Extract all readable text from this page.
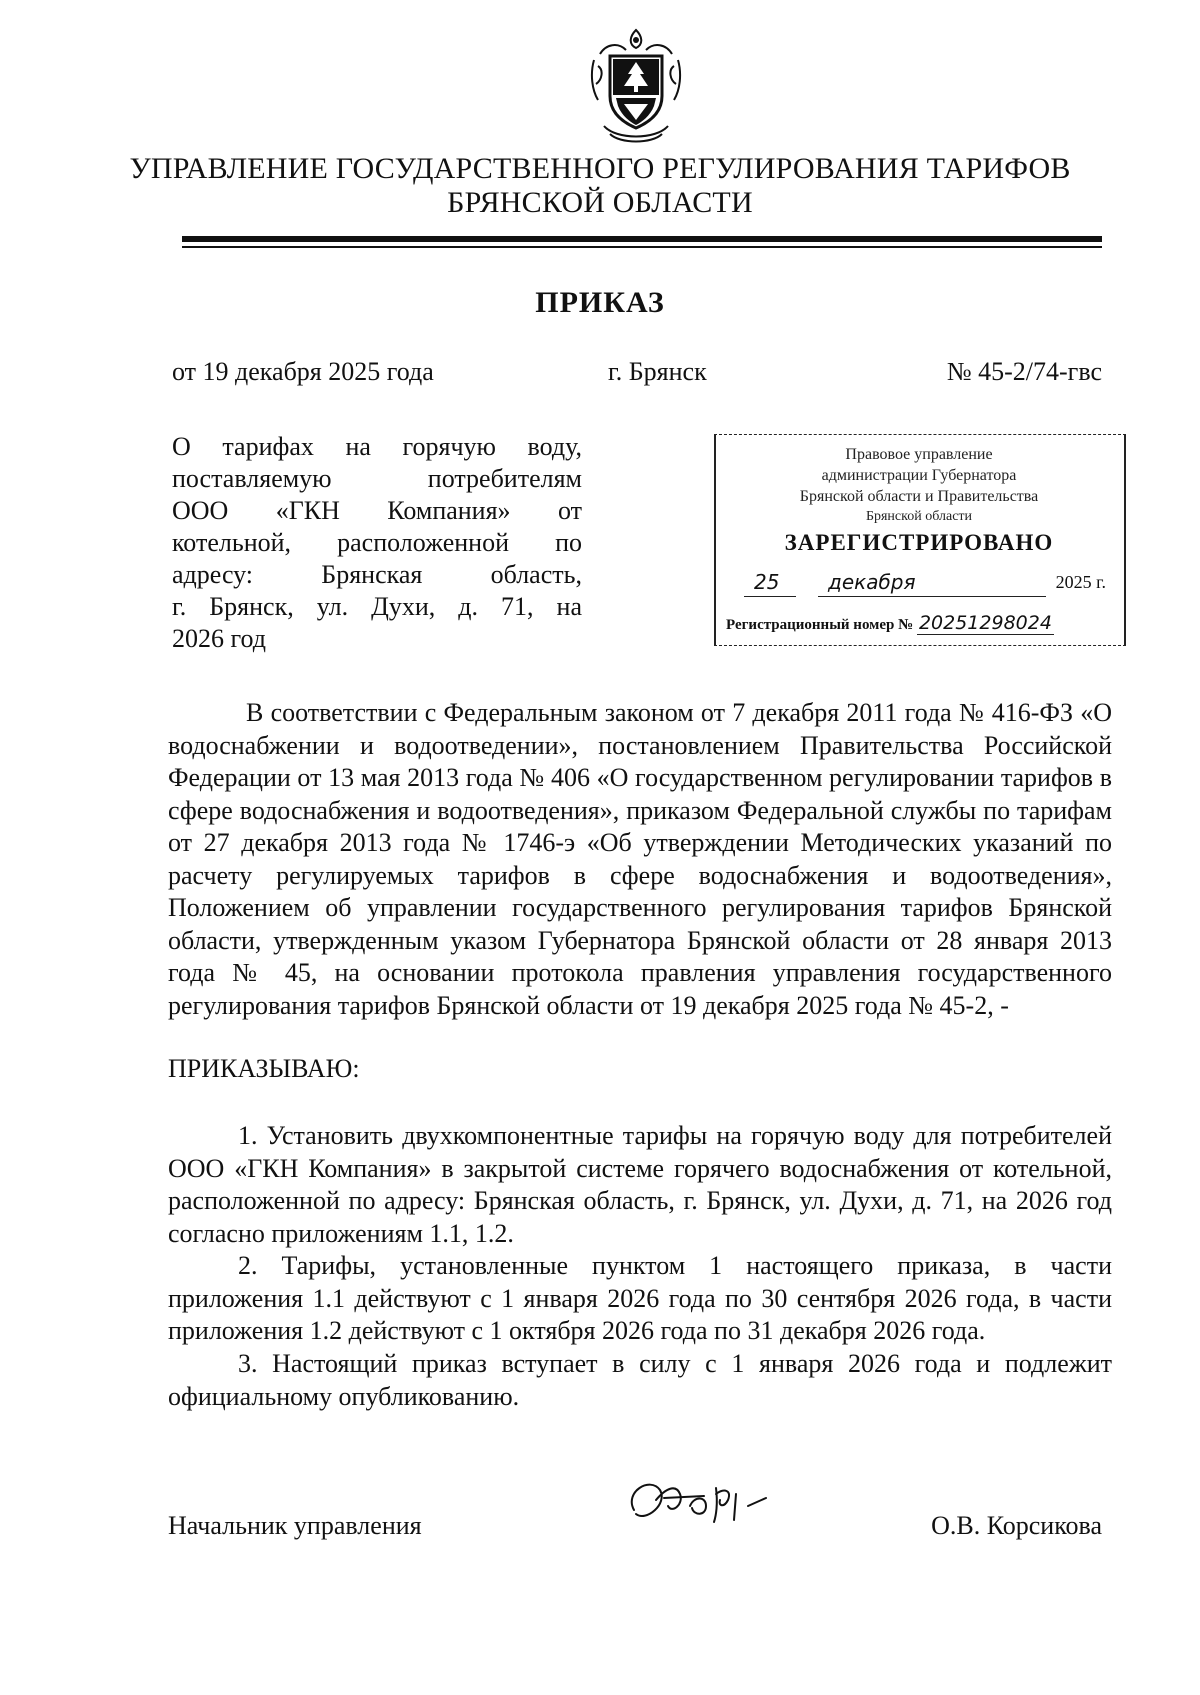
УПРАВЛЕНИЕ ГОСУДАРСТВЕННОГО РЕГУЛИРОВАНИЯ ТАРИФОВ
БРЯНСКОЙ ОБЛАСТИ
ПРИКАЗ
от 19 декабря 2025 года	г. Брянск	№ 45-2/74-гвс
О тарифах на горячую воду,
поставляемую потребителям
ООО «ГКН Компания» от
котельной, расположенной по
адресу: Брянская область,
г. Брянск, ул. Духи, д. 71, на
2026 год
Правовое управление
администрации Губернатора
Брянской области и Правительства
Брянской области
ЗАРЕГИСТРИРОВАНО
25 декабря	2025 г.
Регистрационный номер № 20251298024
В соответствии с Федеральным законом от 7 декабря 2011 года № 416-ФЗ «О водоснабжении и водоотведении», постановлением Правительства Российской Федерации от 13 мая 2013 года № 406 «О государственном регулировании тарифов в сфере водоснабжения и водоотведения», приказом Федеральной службы по тарифам от 27 декабря 2013 года № 1746-э «Об утверждении Методических указаний по расчету регулируемых тарифов в сфере водоснабжения и водоотведения», Положением об управлении государственного регулирования тарифов Брянской области, утвержденным указом Губернатора Брянской области от 28 января 2013 года № 45, на основании протокола правления управления государственного регулирования тарифов Брянской области от 19 декабря 2025 года № 45-2, -
ПРИКАЗЫВАЮ:
1. Установить двухкомпонентные тарифы на горячую воду для потребителей ООО «ГКН Компания» в закрытой системе горячего водоснабжения от котельной, расположенной по адресу: Брянская область, г. Брянск, ул. Духи, д. 71, на 2026 год согласно приложениям 1.1, 1.2.
2. Тарифы, установленные пунктом 1 настоящего приказа, в части приложения 1.1 действуют с 1 января 2026 года по 30 сентября 2026 года, в части приложения 1.2 действуют с 1 октября 2026 года по 31 декабря 2026 года.
3. Настоящий приказ вступает в силу с 1 января 2026 года и подлежит официальному опубликованию.
Начальник управления	О.В. Корсикова
